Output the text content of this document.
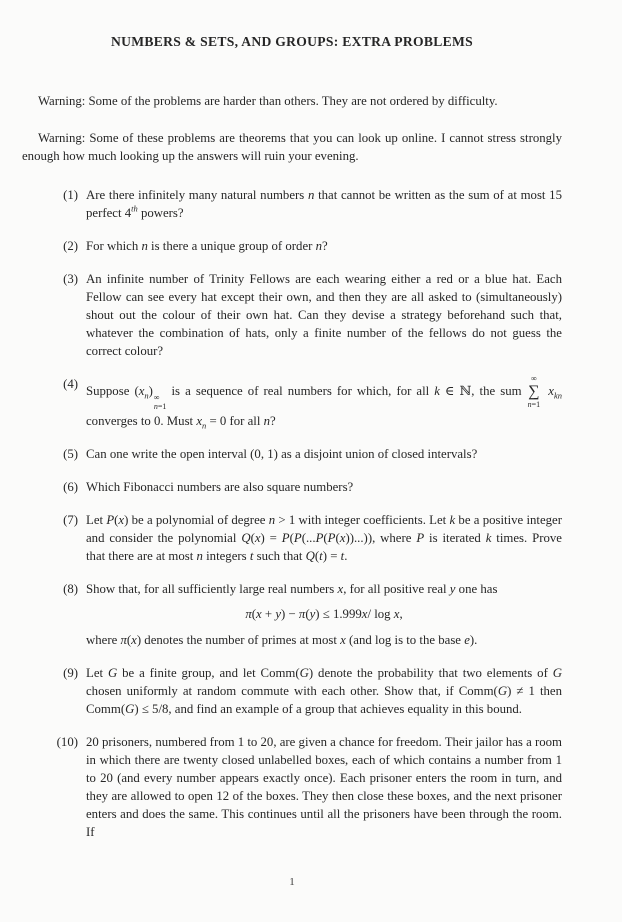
NUMBERS & SETS, AND GROUPS: EXTRA PROBLEMS

Warning: Some of the problems are harder than others. They are not ordered by difficulty.

Warning: Some of these problems are theorems that you can look up online. I cannot stress strongly enough how much looking up the answers will ruin your evening.

(1) Are there infinitely many natural numbers n that cannot be written as the sum of at most 15 perfect 4th powers?
(2) For which n is there a unique group of order n?
(3) An infinite number of Trinity Fellows are each wearing either a red or a blue hat. Each Fellow can see every hat except their own, and then they are all asked to (simultaneously) shout out the colour of their own hat. Can they devise a strategy beforehand such that, whatever the combination of hats, only a finite number of the fellows do not guess the correct colour?
(4)
Suppose $(x_n)$ ∞
n=1
is a sequence of real numbers for which, for all k ∈ ℕ, the sum
∞
∑
n=1
$x_{kn}$ converges to 0. Must $x_n = 0$ for all n?
(5) Can one write the open interval (0, 1) as a disjoint union of closed intervals?
(6) Which Fibonacci numbers are also square numbers?
(7) Let P(x) be a polynomial of degree n > 1 with integer coefficients. Let k be a positive integer and consider the polynomial Q(x) = P(P(...P(P(x))...)), where P is iterated k times. Prove that there are at most n integers t such that Q(t) = t.
(8) Show that, for all sufficiently large real numbers x, for all positive real y one has
π(x + y) − π(y) ≤ 1.999x/ log x,
where π(x) denotes the number of primes at most x (and log is to the base e).
(9) Let G be a finite group, and let Comm(G) denote the probability that two elements of G chosen uniformly at random commute with each other. Show that, if Comm(G) ≠ 1 then Comm(G) ≤ 5/8, and find an example of a group that achieves equality in this bound.
(10) 20 prisoners, numbered from 1 to 20, are given a chance for freedom. Their jailor has a room in which there are twenty closed unlabelled boxes, each of which contains a number from 1 to 20 (and every number appears exactly once). Each prisoner enters the room in turn, and they are allowed to open 12 of the boxes. They then close these boxes, and the next prisoner enters and does the same. This continues until all the prisoners have been through the room. If
1
